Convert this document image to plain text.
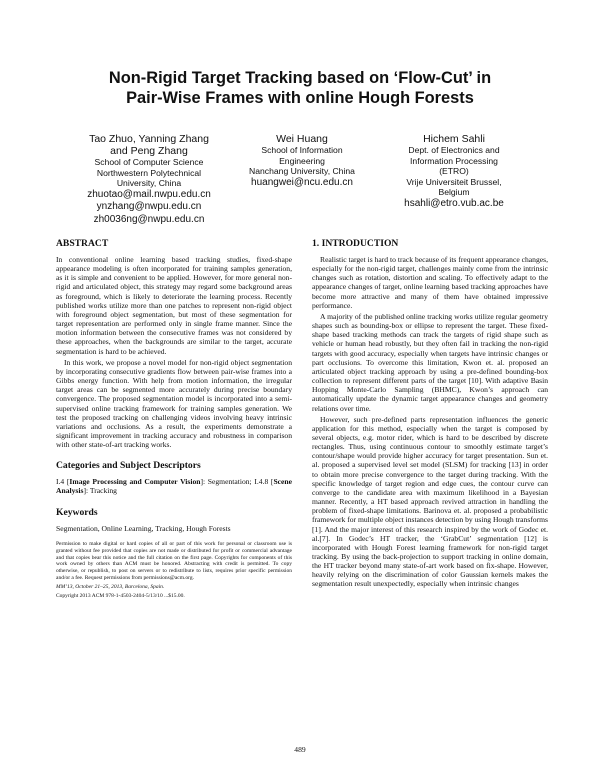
Non-Rigid Target Tracking based on ‘Flow-Cut’ in
Pair-Wise Frames with online Hough Forests
Tao Zhuo, Yanning Zhang
and Peng Zhang
School of Computer Science
Northwestern Polytechnical
University, China
zhuotao@mail.nwpu.edu.cn
ynzhang@nwpu.edu.cn
zh0036ng@nwpu.edu.cn
Wei Huang
School of Information
Engineering
Nanchang University, China
huangwei@ncu.edu.cn
Hichem Sahli
Dept. of Electronics and
Information Processing
(ETRO)
Vrije Universiteit Brussel,
Belgium
hsahli@etro.vub.ac.be
ABSTRACT

In conventional online learning based tracking studies, fixed-shape appearance modeling is often incorporated for training samples generation, as it is simple and convenient to be applied. However, for more general non-rigid and articulated object, this strategy may regard some background areas as foreground, which is likely to deteriorate the learning process. Recently published works utilize more than one patches to represent non-rigid object with foreground object segmentation, but most of these segmentation for target representation are performed only in single frame manner. Since the motion information between the consecutive frames was not considered by these approaches, when the backgrounds are similar to the target, accurate segmentation is hard to be achieved.

In this work, we propose a novel model for non-rigid object segmentation by incorporating consecutive gradients flow between pair-wise frames into a Gibbs energy function. With help from motion information, the irregular target areas can be segmented more accurately during precise boundary convergence. The proposed segmentation model is incorporated into a semi-supervised online tracking framework for training samples generation. We test the proposed tracking on challenging videos involving heavy intrinsic variations and occlusions. As a result, the experiments demonstrate a significant improvement in tracking accuracy and robustness in comparison with other state-of-art tracking works.

Categories and Subject Descriptors

I.4 [Image Processing and Computer Vision]: Segmentation; I.4.8 [Scene Analysis]: Tracking

Keywords

Segmentation, Online Learning, Tracking, Hough Forests

Permission to make digital or hard copies of all or part of this work for personal or classroom use is granted without fee provided that copies are not made or distributed for profit or commercial advantage and that copies bear this notice and the full citation on the first page. Copyrights for components of this work owned by others than ACM must be honored. Abstracting with credit is permitted. To copy otherwise, or republish, to post on servers or to redistribute to lists, requires prior specific permission and/or a fee. Request permissions from permissions@acm.org.

MM’13, October 21–25, 2013, Barcelona, Spain.

Copyright 2013 ACM 978-1-4503-2404-5/13/10 ...$15.00.

1. INTRODUCTION

Realistic target is hard to track because of its frequent appearance changes, especially for the non-rigid target, challenges mainly come from the intrinsic changes such as rotation, distortion and scaling. To effectively adapt to the appearance changes of target, online learning based tracking approaches have become more attractive and many of them have obtained impressive performance.

A majority of the published online tracking works utilize regular geometry shapes such as bounding-box or ellipse to represent the target. These fixed-shape based tracking methods can track the targets of rigid shape such as vehicle or human head robustly, but they often fail in tracking the non-rigid targets with good accuracy, especially when targets have intrinsic changes or part occlusions. To overcome this limitation, Kwon et. al. proposed an articulated object tracking approach by using a pre-defined bounding-box collection to represent different parts of the target [10]. With adaptive Basin Hopping Monte-Carlo Sampling (BHMC), Kwon’s approach can automatically update the dynamic target appearance changes and geometry relations over time.

However, such pre-defined parts representation influences the generic application for this method, especially when the target is composed by several objects, e.g. motor rider, which is hard to be described by discrete rectangles. Thus, using continuous contour to smoothly estimate target’s contour/shape would provide higher accuracy for target presentation. Sun et. al. proposed a supervised level set model (SLSM) for tracking [13] in order to obtain more precise convergence to the target during tracking. With the specific knowledge of target region and edge cues, the contour curve can converge to the candidate area with maximum likelihood in a Bayesian manner. Recently, a HT based approach revived attraction in handling the problem of fixed-shape limitations. Barinova et. al. proposed a probabilistic framework for multiple object instances detection by using Hough transforms [1]. And the major interest of this research inspired by the work of Godec et. al.[7]. In Godec’s HT tracker, the ‘GrabCut’ segmentation [12] is incorporated with Hough Forest learning framework for non-rigid target tracking. By using the back-projection to support tracking in online domain, the HT tracker beyond many state-of-art work based on fix-shape. However, heavily relying on the discrimination of color Gaussian kernels makes the segmentation result unexpectedly, especially when intrinsic changes

489
